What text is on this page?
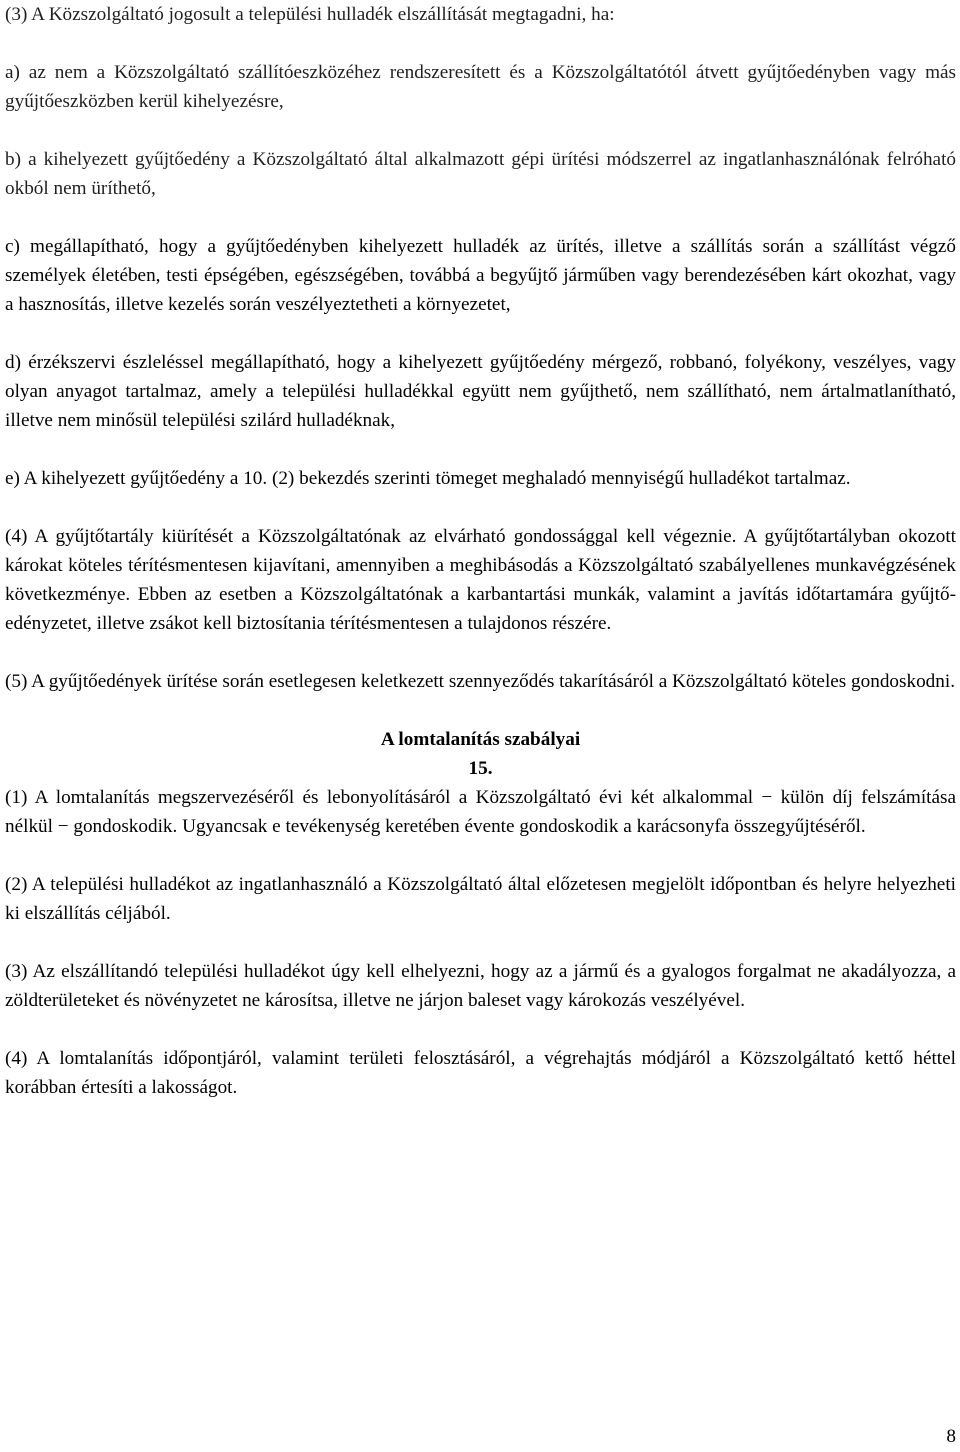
(3) A Közszolgáltató jogosult a települési hulladék elszállítását megtagadni, ha:

a) az nem a Közszolgáltató szállítóeszközéhez rendszeresített és a Közszolgáltatótól átvett gyűjtőedényben vagy más gyűjtőeszközben kerül kihelyezésre,

b) a kihelyezett gyűjtőedény a Közszolgáltató által alkalmazott gépi ürítési módszerrel az ingatlanhasználónak felróható okból nem üríthető,

c) megállapítható, hogy a gyűjtőedényben kihelyezett hulladék az ürítés, illetve a szállítás során a szállítást végző személyek életében, testi épségében, egészségében, továbbá a begyűjtő járműben vagy berendezésében kárt okozhat, vagy a hasznosítás, illetve kezelés során veszélyeztetheti a környezetet,

d) érzékszervi észleléssel megállapítható, hogy a kihelyezett gyűjtőedény mérgező, robbanó, folyékony, veszélyes, vagy olyan anyagot tartalmaz, amely a települési hulladékkal együtt nem gyűjthető, nem szállítható, nem ártalmatlanítható, illetve nem minősül települési szilárd hulladéknak,

e) A kihelyezett gyűjtőedény a 10. (2) bekezdés szerinti tömeget meghaladó mennyiségű hulladékot tartalmaz.

(4) A gyűjtőtartály kiürítését a Közszolgáltatónak az elvárható gondossággal kell végeznie. A gyűjtőtartályban okozott károkat köteles térítésmentesen kijavítani, amennyiben a meghibásodás a Közszolgáltató szabályellenes munkavégzésének következménye. Ebben az esetben a Közszolgáltatónak a karbantartási munkák, valamint a javítás időtartamára gyűjtő-edényzetet, illetve zsákot kell biztosítania térítésmentesen a tulajdonos részére.

(5) A gyűjtőedények ürítése során esetlegesen keletkezett szennyeződés takarításáról a Közszolgáltató köteles gondoskodni.

A lomtalanítás szabályai

15.

(1) A lomtalanítás megszervezéséről és lebonyolításáról a Közszolgáltató évi két alkalommal − külön díj felszámítása nélkül − gondoskodik. Ugyancsak e tevékenység keretében évente gondoskodik a karácsonyfa összegyűjtéséről.

(2) A települési hulladékot az ingatlanhasználó a Közszolgáltató által előzetesen megjelölt időpontban és helyre helyezheti ki elszállítás céljából.

(3) Az elszállítandó települési hulladékot úgy kell elhelyezni, hogy az a jármű és a gyalogos forgalmat ne akadályozza, a zöldterületeket és növényzetet ne károsítsa, illetve ne járjon baleset vagy károkozás veszélyével.

(4) A lomtalanítás időpontjáról, valamint területi felosztásáról, a végrehajtás módjáról a Közszolgáltató kettő héttel korábban értesíti a lakosságot.

8
